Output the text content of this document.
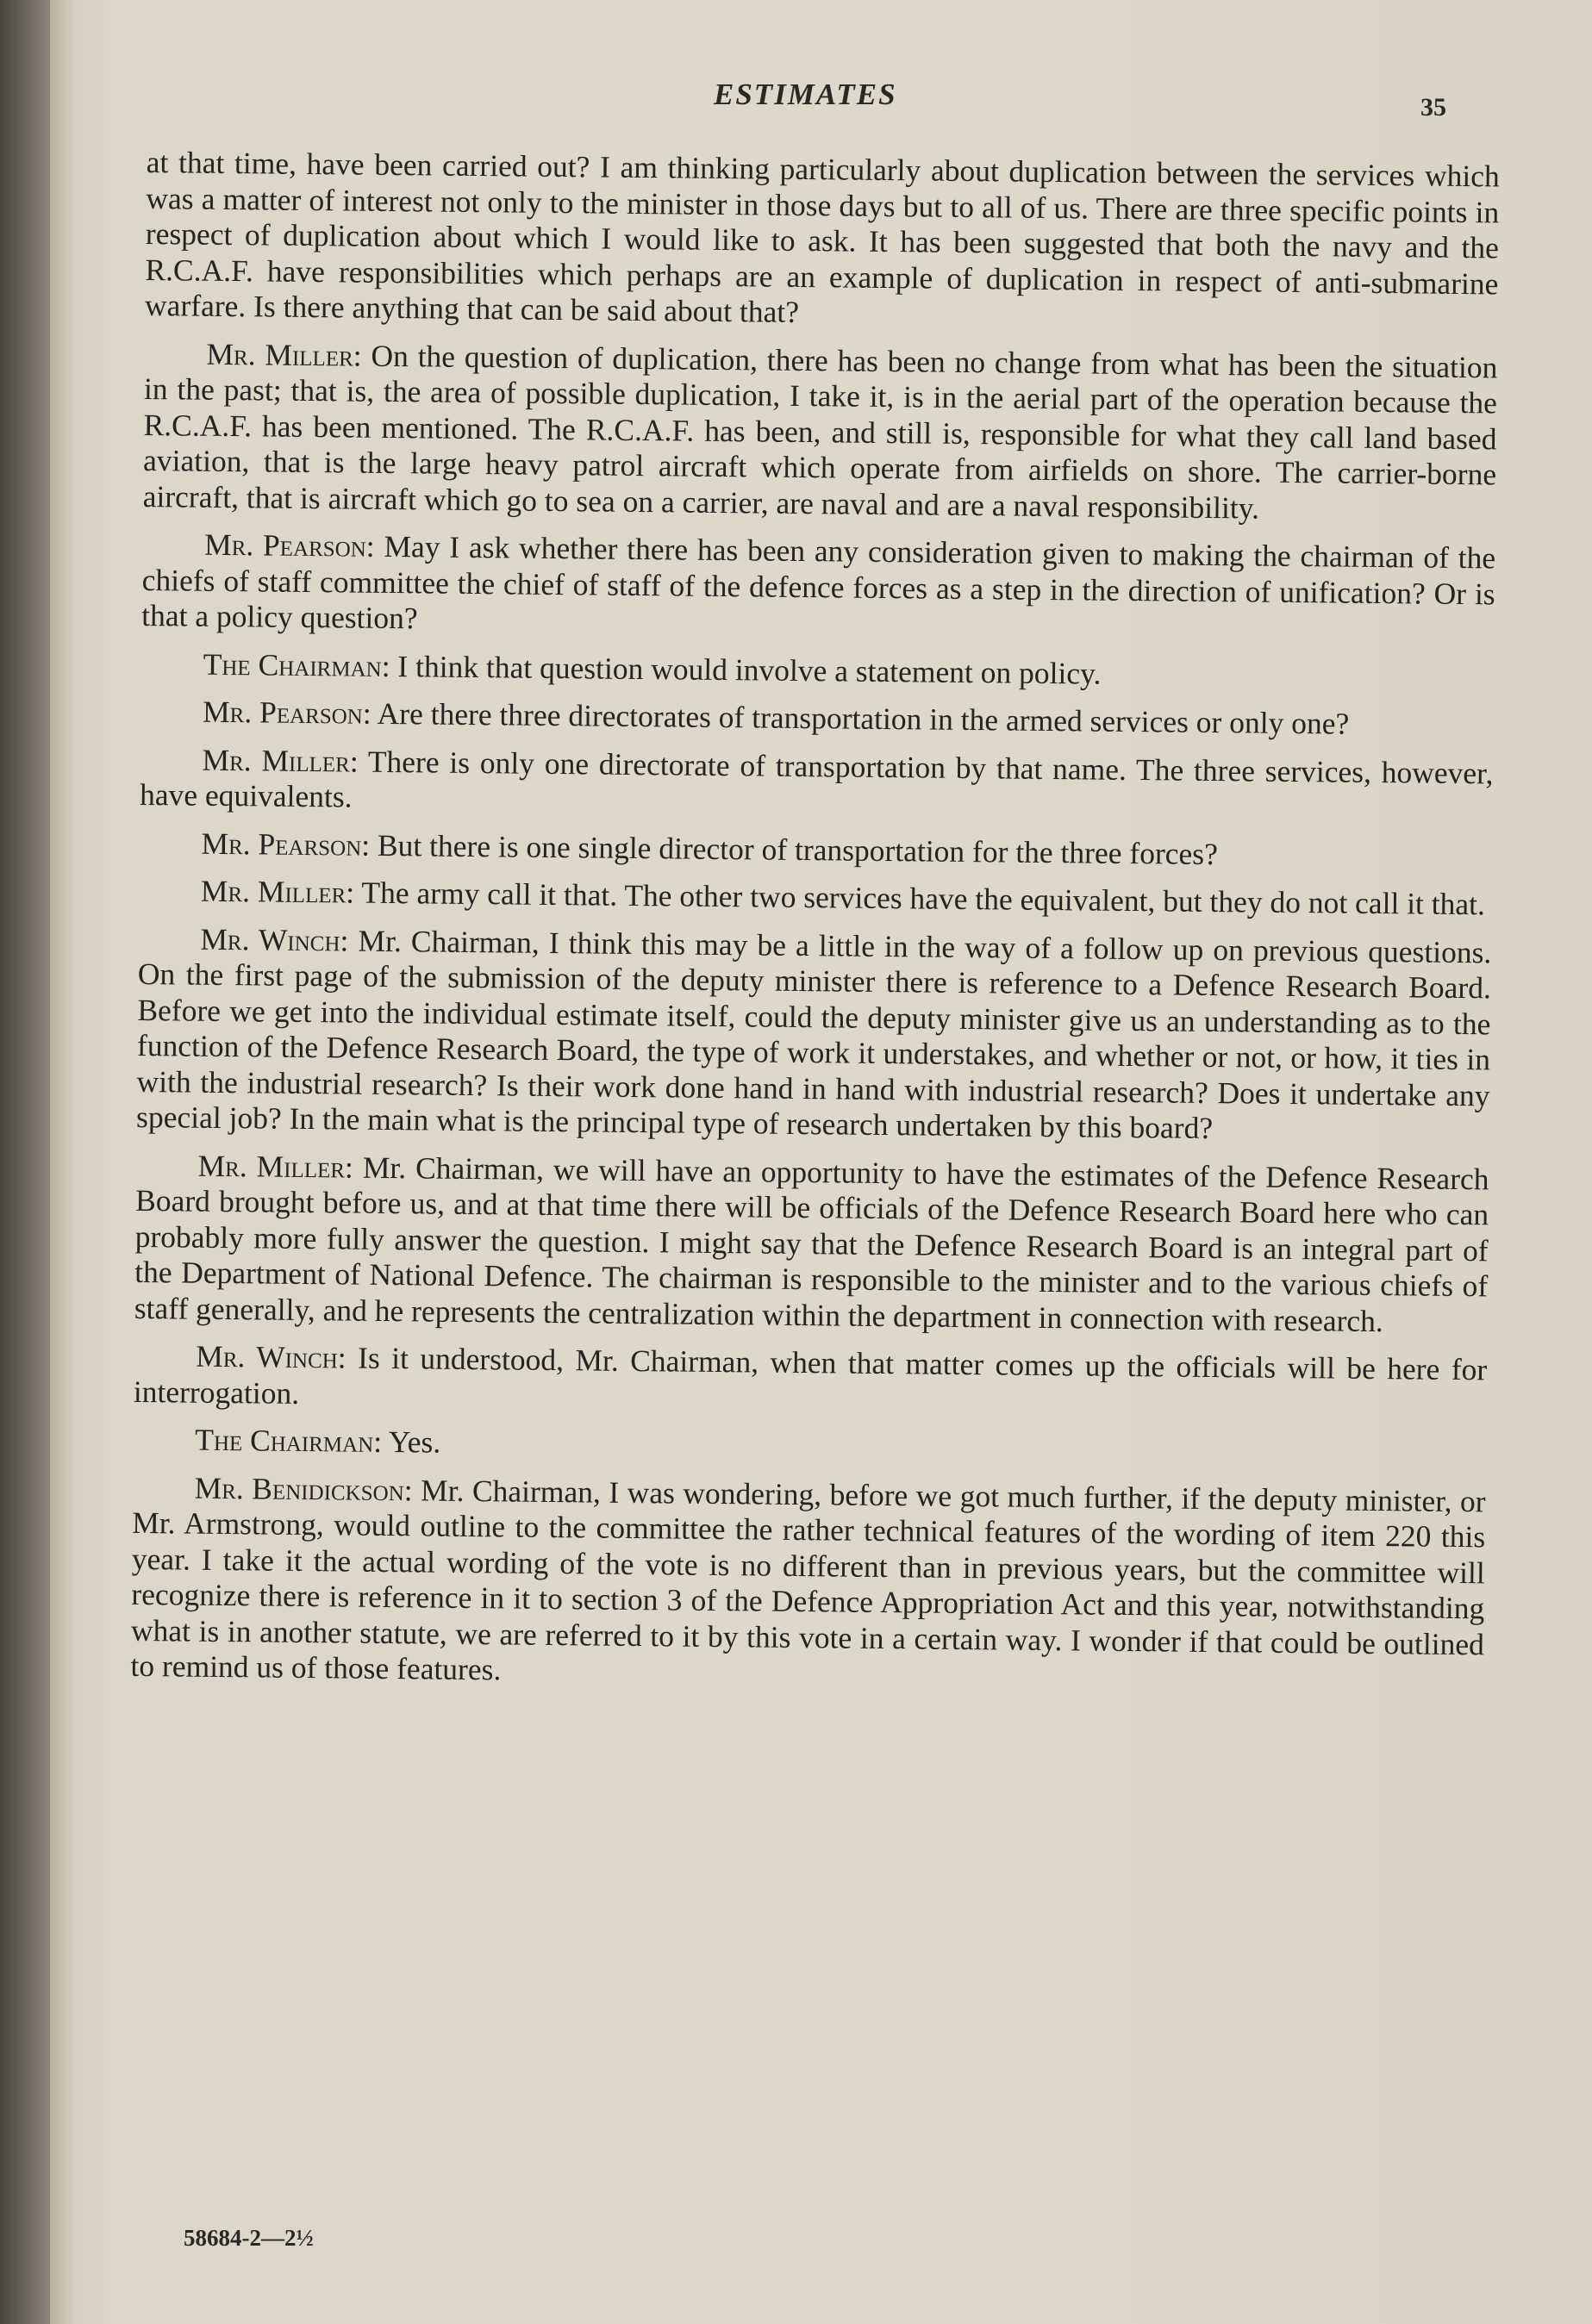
ESTIMATES	35

at that time, have been carried out? I am thinking particularly about duplication between the services which was a matter of interest not only to the minister in those days but to all of us. There are three specific points in respect of duplication about which I would like to ask. It has been suggested that both the navy and the R.C.A.F. have responsibilities which perhaps are an example of duplication in respect of anti-submarine warfare. Is there anything that can be said about that?

Mr. Miller: On the question of duplication, there has been no change from what has been the situation in the past; that is, the area of possible duplication, I take it, is in the aerial part of the operation because the R.C.A.F. has been mentioned. The R.C.A.F. has been, and still is, responsible for what they call land based aviation, that is the large heavy patrol aircraft which operate from airfields on shore. The carrier-borne aircraft, that is aircraft which go to sea on a carrier, are naval and are a naval responsibility.

Mr. Pearson: May I ask whether there has been any consideration given to making the chairman of the chiefs of staff committee the chief of staff of the defence forces as a step in the direction of unification? Or is that a policy question?

The Chairman: I think that question would involve a statement on policy.

Mr. Pearson: Are there three directorates of transportation in the armed services or only one?

Mr. Miller: There is only one directorate of transportation by that name. The three services, however, have equivalents.

Mr. Pearson: But there is one single director of transportation for the three forces?

Mr. Miller: The army call it that. The other two services have the equivalent, but they do not call it that.

Mr. Winch: Mr. Chairman, I think this may be a little in the way of a follow up on previous questions. On the first page of the submission of the deputy minister there is reference to a Defence Research Board. Before we get into the individual estimate itself, could the deputy minister give us an understanding as to the function of the Defence Research Board, the type of work it understakes, and whether or not, or how, it ties in with the industrial research? Is their work done hand in hand with industrial research? Does it undertake any special job? In the main what is the principal type of research undertaken by this board?

Mr. Miller: Mr. Chairman, we will have an opportunity to have the estimates of the Defence Research Board brought before us, and at that time there will be officials of the Defence Research Board here who can probably more fully answer the question. I might say that the Defence Research Board is an integral part of the Department of National Defence. The chairman is responsible to the minister and to the various chiefs of staff generally, and he represents the centralization within the department in connection with research.

Mr. Winch: Is it understood, Mr. Chairman, when that matter comes up the officials will be here for interrogation.

The Chairman: Yes.

Mr. Benidickson: Mr. Chairman, I was wondering, before we got much further, if the deputy minister, or Mr. Armstrong, would outline to the committee the rather technical features of the wording of item 220 this year. I take it the actual wording of the vote is no different than in previous years, but the committee will recognize there is reference in it to section 3 of the Defence Appropriation Act and this year, notwithstanding what is in another statute, we are referred to it by this vote in a certain way. I wonder if that could be outlined to remind us of those features.

58684-2—2½
